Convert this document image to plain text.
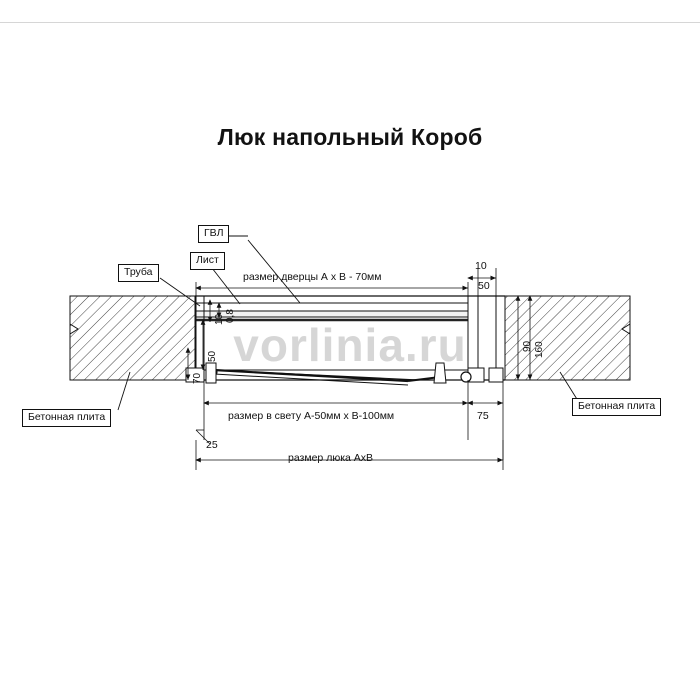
Люк напольный Короб
vorlinia.ru
Труба
Лист
ГВЛ
Бетонная плита
Бетонная плита
размер дверцы А х В - 70мм
размер в свету А-50мм х В-100мм
размер люка АхВ
10
50
10 0,8
50
70
90 160
25
75
